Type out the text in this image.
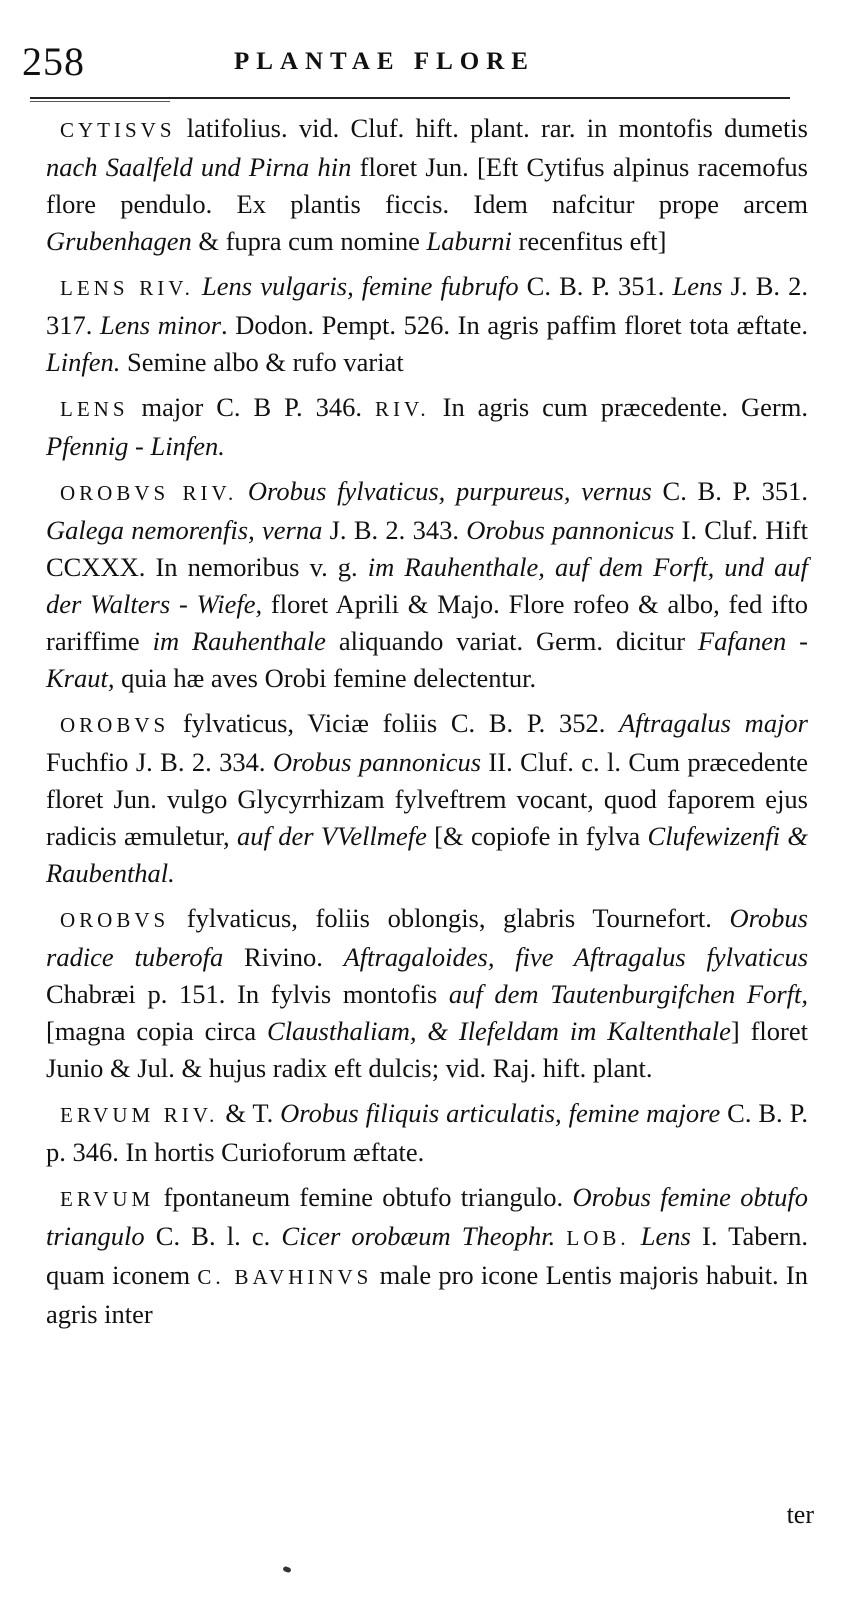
258	PLANTAE FLORE

CYTISVS latifolius. vid. Cluf. hift. plant. rar. in montofis dumetis nach Saalfeld und Pirna hin floret Jun. [Eft Cytifus alpinus racemofus flore pendulo. Ex plantis ficcis. Idem nafcitur prope arcem Grubenhagen & fupra cum nomine Laburni recenfitus eft]

LENS RIV. Lens vulgaris, femine fubrufo C. B. P. 351. Lens J. B. 2. 317. Lens minor. Dodon. Pempt. 526. In agris paffim floret tota æftate. Linfen. Semine albo & rufo variat

LENS major C. B P. 346. RIV. In agris cum præcedente. Germ. Pfennig - Linfen.

OROBVS RIV. Orobus fylvaticus, purpureus, vernus C. B. P. 351. Galega nemorenfis, verna J. B. 2. 343. Orobus pannonicus I. Cluf. Hift CCXXX. In nemoribus v. g. im Rauhenthale, auf dem Forft, und auf der Walters - Wiefe, floret Aprili & Majo. Flore rofeo & albo, fed ifto rariffime im Rauhenthale aliquando variat. Germ. dicitur Fafanen - Kraut, quia hæ aves Orobi femine delectentur.

OROBVS fylvaticus, Viciæ foliis C. B. P. 352. Aftragalus major Fuchfio J. B. 2. 334. Orobus pannonicus II. Cluf. c. l. Cum præcedente floret Jun. vulgo Glycyrrhizam fylveftrem vocant, quod faporem ejus radicis æmuletur, auf der VVellmefe [& copiofe in fylva Clufewizenfi & Raubenthal.

OROBVS fylvaticus, foliis oblongis, glabris Tournefort. Orobus radice tuberofa Rivino. Aftragaloides, five Aftragalus fylvaticus Chabræi p. 151. In fylvis montofis auf dem Tautenburgifchen Forft, [magna copia circa Clausthaliam, & Ilefeldam im Kaltenthale] floret Junio & Jul. & hujus radix eft dulcis; vid. Raj. hift. plant.

ERVUM RIV. & T. Orobus filiquis articulatis, femine majore C. B. P. p. 346. In hortis Curioforum æftate.

ERVUM fpontaneum femine obtufo triangulo. Orobus femine obtufo triangulo C. B. l. c. Cicer orobæum Theophr. LOB. Lens I. Tabern. quam iconem C. BAVHINVS male pro icone Lentis majoris habuit. In agris inter

ter
